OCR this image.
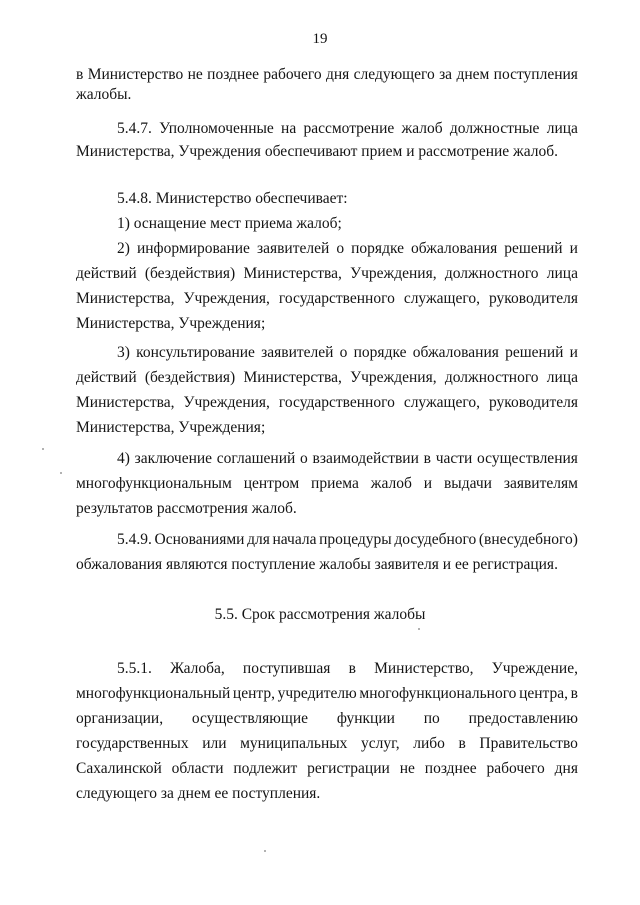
19
в Министерство не позднее рабочего дня следующего за днем поступления
жалобы.
5.4.7. Уполномоченные на рассмотрение жалоб должностные лица
Министерства, Учреждения обеспечивают прием и рассмотрение жалоб.
5.4.8. Министерство обеспечивает:
1) оснащение мест приема жалоб;
2) информирование заявителей о порядке обжалования решений и
действий (бездействия) Министерства, Учреждения, должностного лица
Министерства, Учреждения, государственного служащего, руководителя
Министерства, Учреждения;
3) консультирование заявителей о порядке обжалования решений и
действий (бездействия) Министерства, Учреждения, должностного лица
Министерства, Учреждения, государственного служащего, руководителя
Министерства, Учреждения;
4) заключение соглашений о взаимодействии в части осуществления
многофункциональным центром приема жалоб и выдачи заявителям
результатов рассмотрения жалоб.
5.4.9. Основаниями для начала процедуры досудебного (внесудебного)
обжалования являются поступление жалобы заявителя и ее регистрация.
5.5. Срок рассмотрения жалобы
5.5.1. Жалоба, поступившая в Министерство, Учреждение,
многофункциональный центр, учредителю многофункционального центра, в
организации, осуществляющие функции по предоставлению
государственных или муниципальных услуг, либо в Правительство
Сахалинской области подлежит регистрации не позднее рабочего дня
следующего за днем ее поступления.
